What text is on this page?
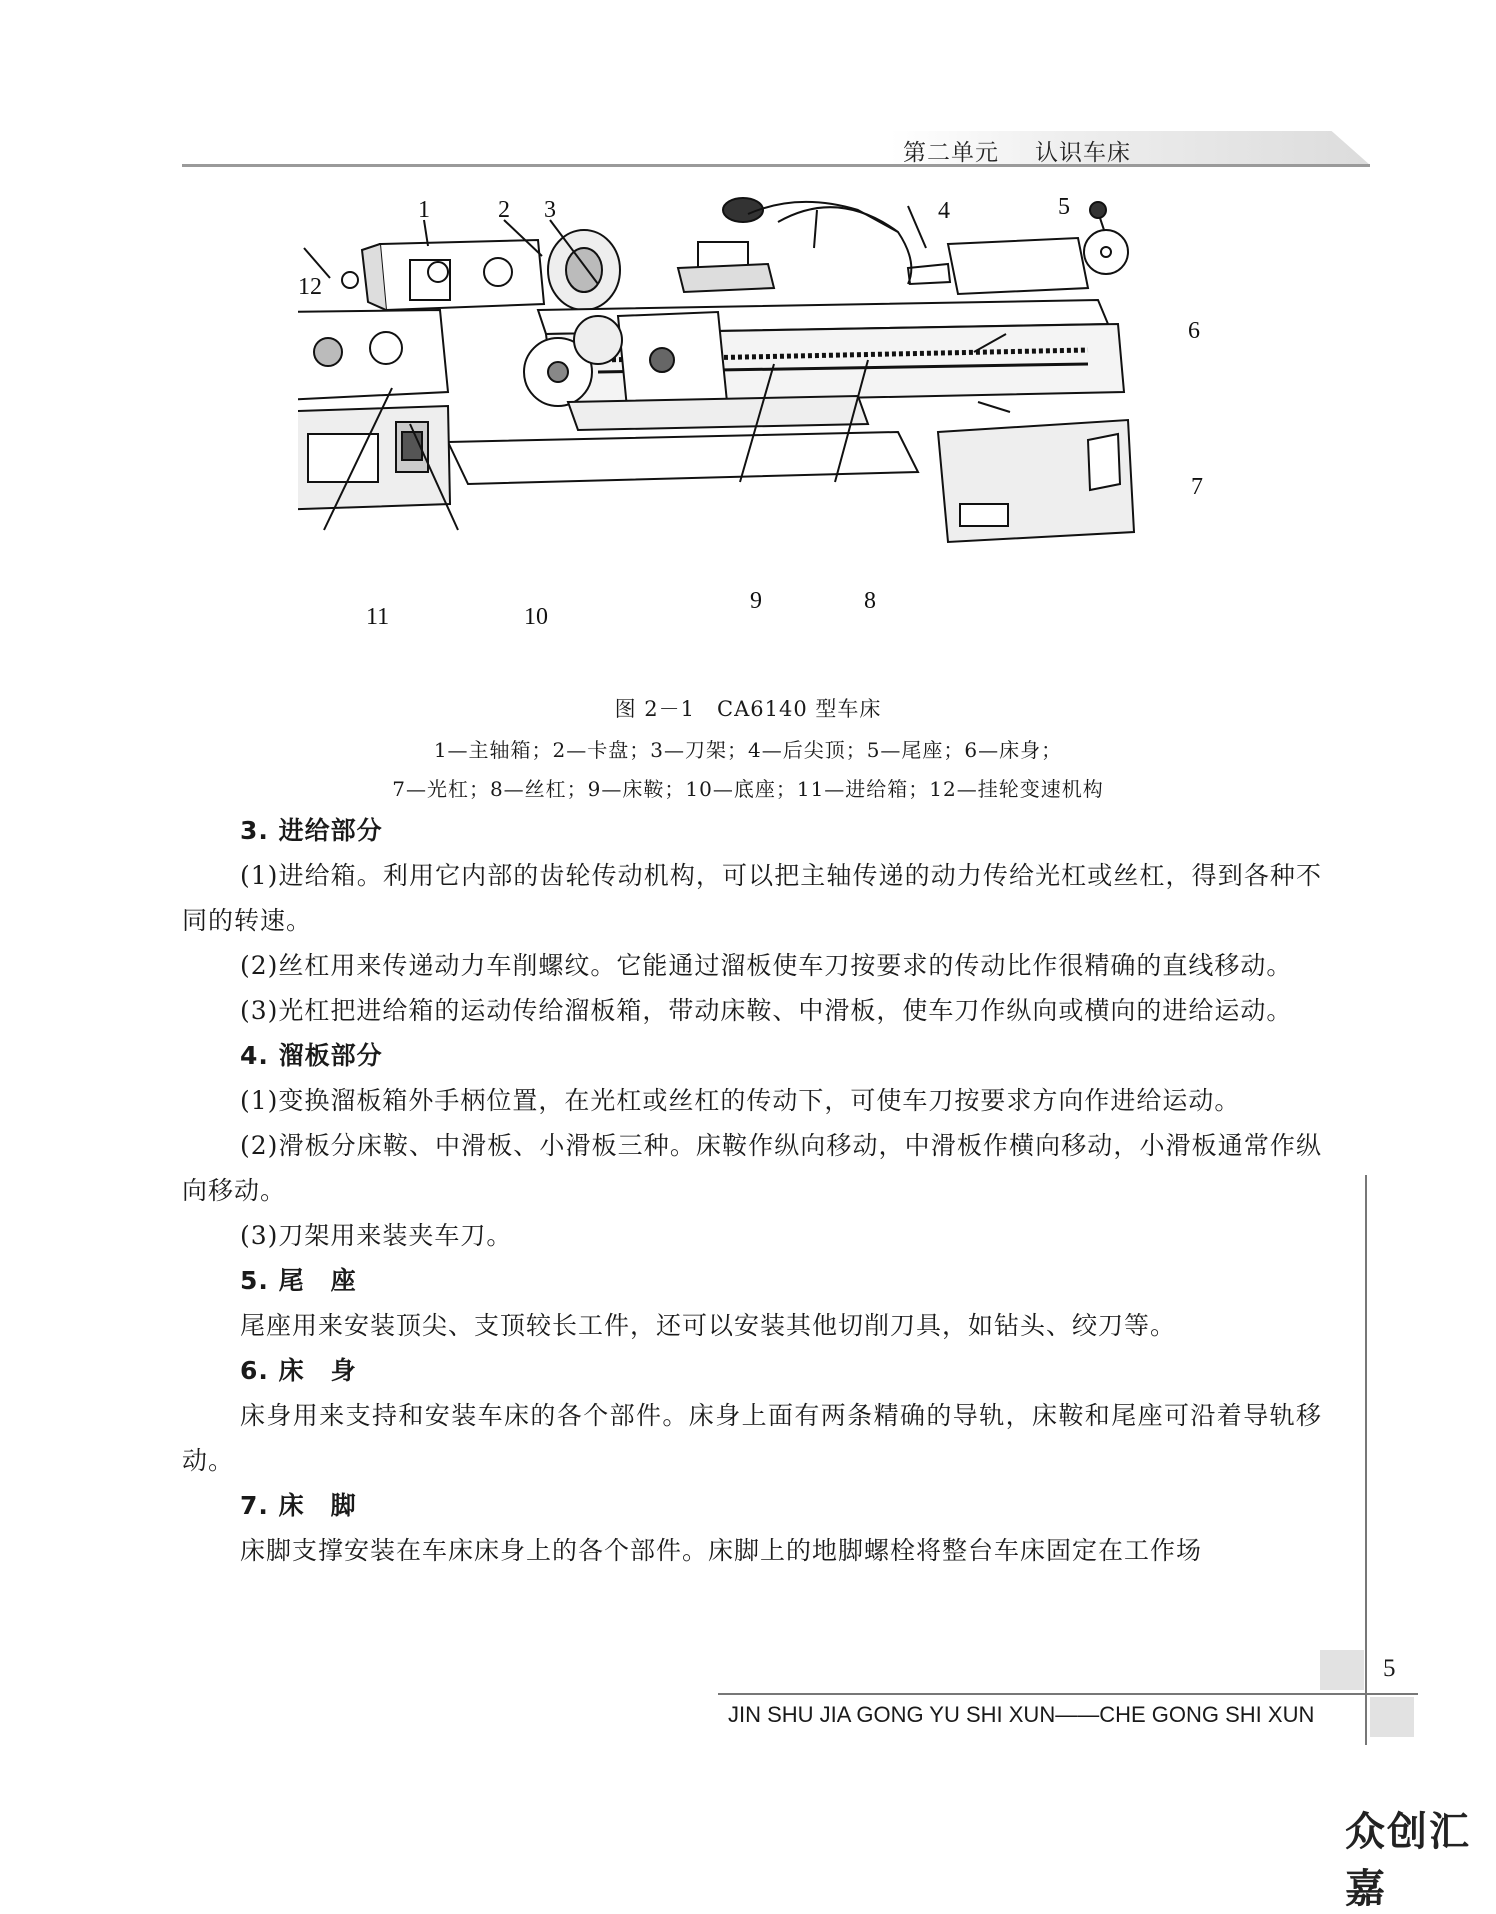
第二单元 认识车床
1	2 3	4	5
6
7
8
9
10
11
12
图 2－1　CA6140 型车床
1—主轴箱；2—卡盘；3—刀架；4—后尖顶；5—尾座；6—床身；
7—光杠；8—丝杠；9—床鞍；10—底座；11—进给箱；12—挂轮变速机构
3. 进给部分

(1)进给箱。利用它内部的齿轮传动机构，可以把主轴传递的动力传给光杠或丝杠，得到各种不同的转速。

(2)丝杠用来传递动力车削螺纹。它能通过溜板使车刀按要求的传动比作很精确的直线移动。

(3)光杠把进给箱的运动传给溜板箱，带动床鞍、中滑板，使车刀作纵向或横向的进给运动。

4. 溜板部分

(1)变换溜板箱外手柄位置，在光杠或丝杠的传动下，可使车刀按要求方向作进给运动。

(2)滑板分床鞍、中滑板、小滑板三种。床鞍作纵向移动，中滑板作横向移动，小滑板通常作纵向移动。

(3)刀架用来装夹车刀。

5. 尾　座

尾座用来安装顶尖、支顶较长工件，还可以安装其他切削刀具，如钻头、绞刀等。

6. 床　身

床身用来支持和安装车床的各个部件。床身上面有两条精确的导轨，床鞍和尾座可沿着导轨移动。

7. 床　脚

床脚支撑安装在车床床身上的各个部件。床脚上的地脚螺栓将整台车床固定在工作场

5
JIN SHU JIA GONG YU SHI XUN——CHE GONG SHI XUN
众创汇嘉
